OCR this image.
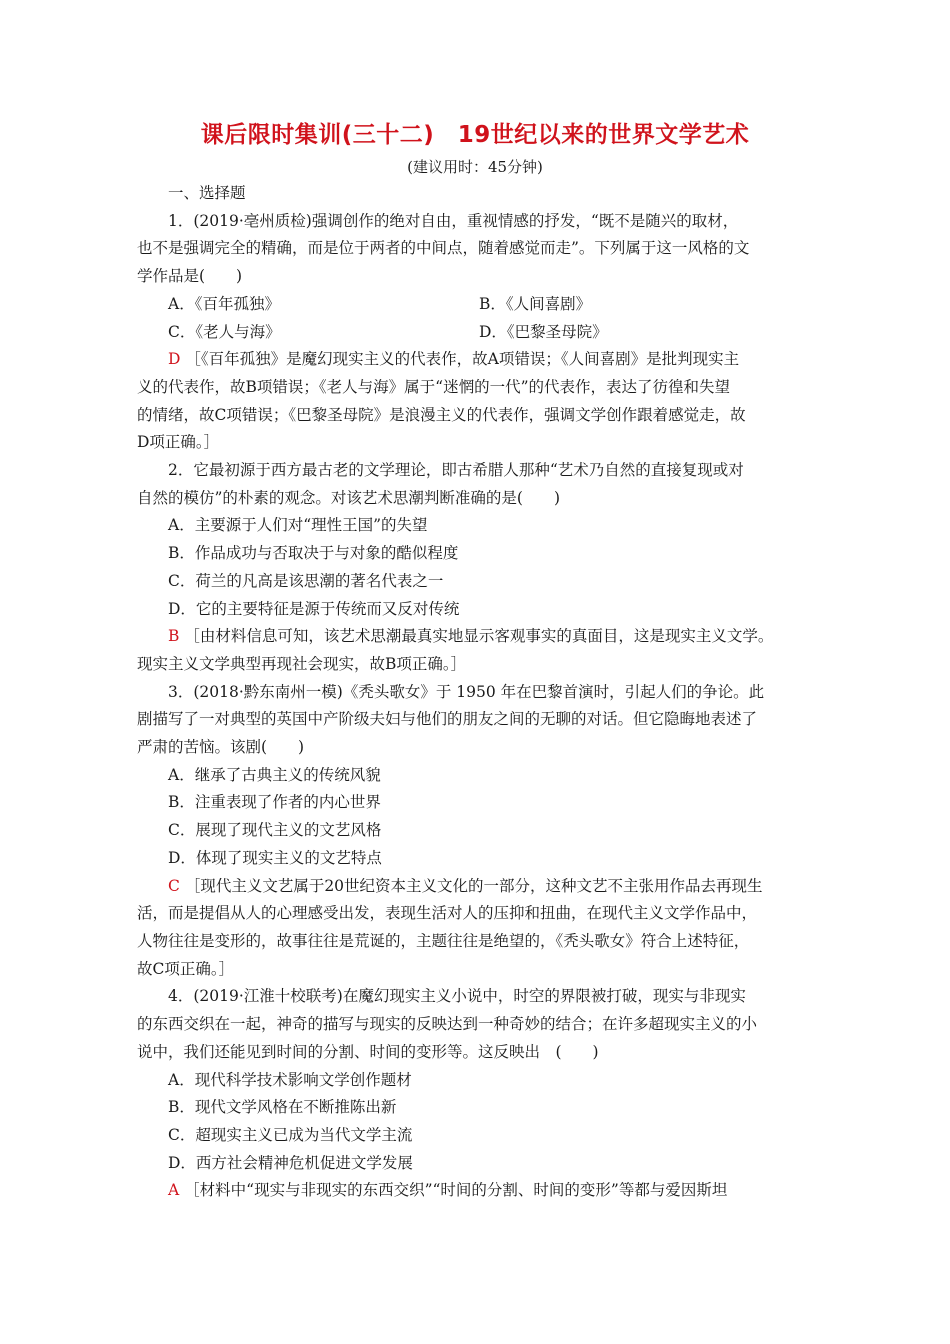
课后限时集训(三十二)　19世纪以来的世界文学艺术
(建议用时：45分钟)
一、选择题
1．(2019·亳州质检)强调创作的绝对自由，重视情感的抒发，“既不是随兴的取材，
也不是强调完全的精确，而是位于两者的中间点，随着感觉而走”。下列属于这一风格的文
学作品是(　　)
A．《百年孤独》	B．《人间喜剧》
C．《老人与海》	D．《巴黎圣母院》
D ［《百年孤独》是魔幻现实主义的代表作，故A项错误；《人间喜剧》是批判现实主
义的代表作，故B项错误；《老人与海》属于“迷惘的一代”的代表作，表达了彷徨和失望
的情绪，故C项错误；《巴黎圣母院》是浪漫主义的代表作，强调文学创作跟着感觉走，故
D项正确。］
2．它最初源于西方最古老的文学理论，即古希腊人那种“艺术乃自然的直接复现或对
自然的模仿”的朴素的观念。对该艺术思潮判断准确的是(　　)
A．主要源于人们对“理性王国”的失望
B．作品成功与否取决于与对象的酷似程度
C．荷兰的凡高是该思潮的著名代表之一
D．它的主要特征是源于传统而又反对传统
B ［由材料信息可知，该艺术思潮最真实地显示客观事实的真面目，这是现实主义文学。
现实主义文学典型再现社会现实，故B项正确。］
3．(2018·黔东南州一模)《秃头歌女》于 1950 年在巴黎首演时，引起人们的争论。此
剧描写了一对典型的英国中产阶级夫妇与他们的朋友之间的无聊的对话。但它隐晦地表述了
严肃的苦恼。该剧(　　)
A．继承了古典主义的传统风貌
B．注重表现了作者的内心世界
C．展现了现代主义的文艺风格
D．体现了现实主义的文艺特点
C ［现代主义文艺属于20世纪资本主义文化的一部分，这种文艺不主张用作品去再现生
活，而是提倡从人的心理感受出发，表现生活对人的压抑和扭曲，在现代主义文学作品中，
人物往往是变形的，故事往往是荒诞的，主题往往是绝望的，《秃头歌女》符合上述特征，
故C项正确。］
4．(2019·江淮十校联考)在魔幻现实主义小说中，时空的界限被打破，现实与非现实
的东西交织在一起，神奇的描写与现实的反映达到一种奇妙的结合；在许多超现实主义的小
说中，我们还能见到时间的分割、时间的变形等。这反映出　(　　)
A．现代科学技术影响文学创作题材
B．现代文学风格在不断推陈出新
C．超现实主义已成为当代文学主流
D．西方社会精神危机促进文学发展
A ［材料中“现实与非现实的东西交织”“时间的分割、时间的变形”等都与爱因斯坦
